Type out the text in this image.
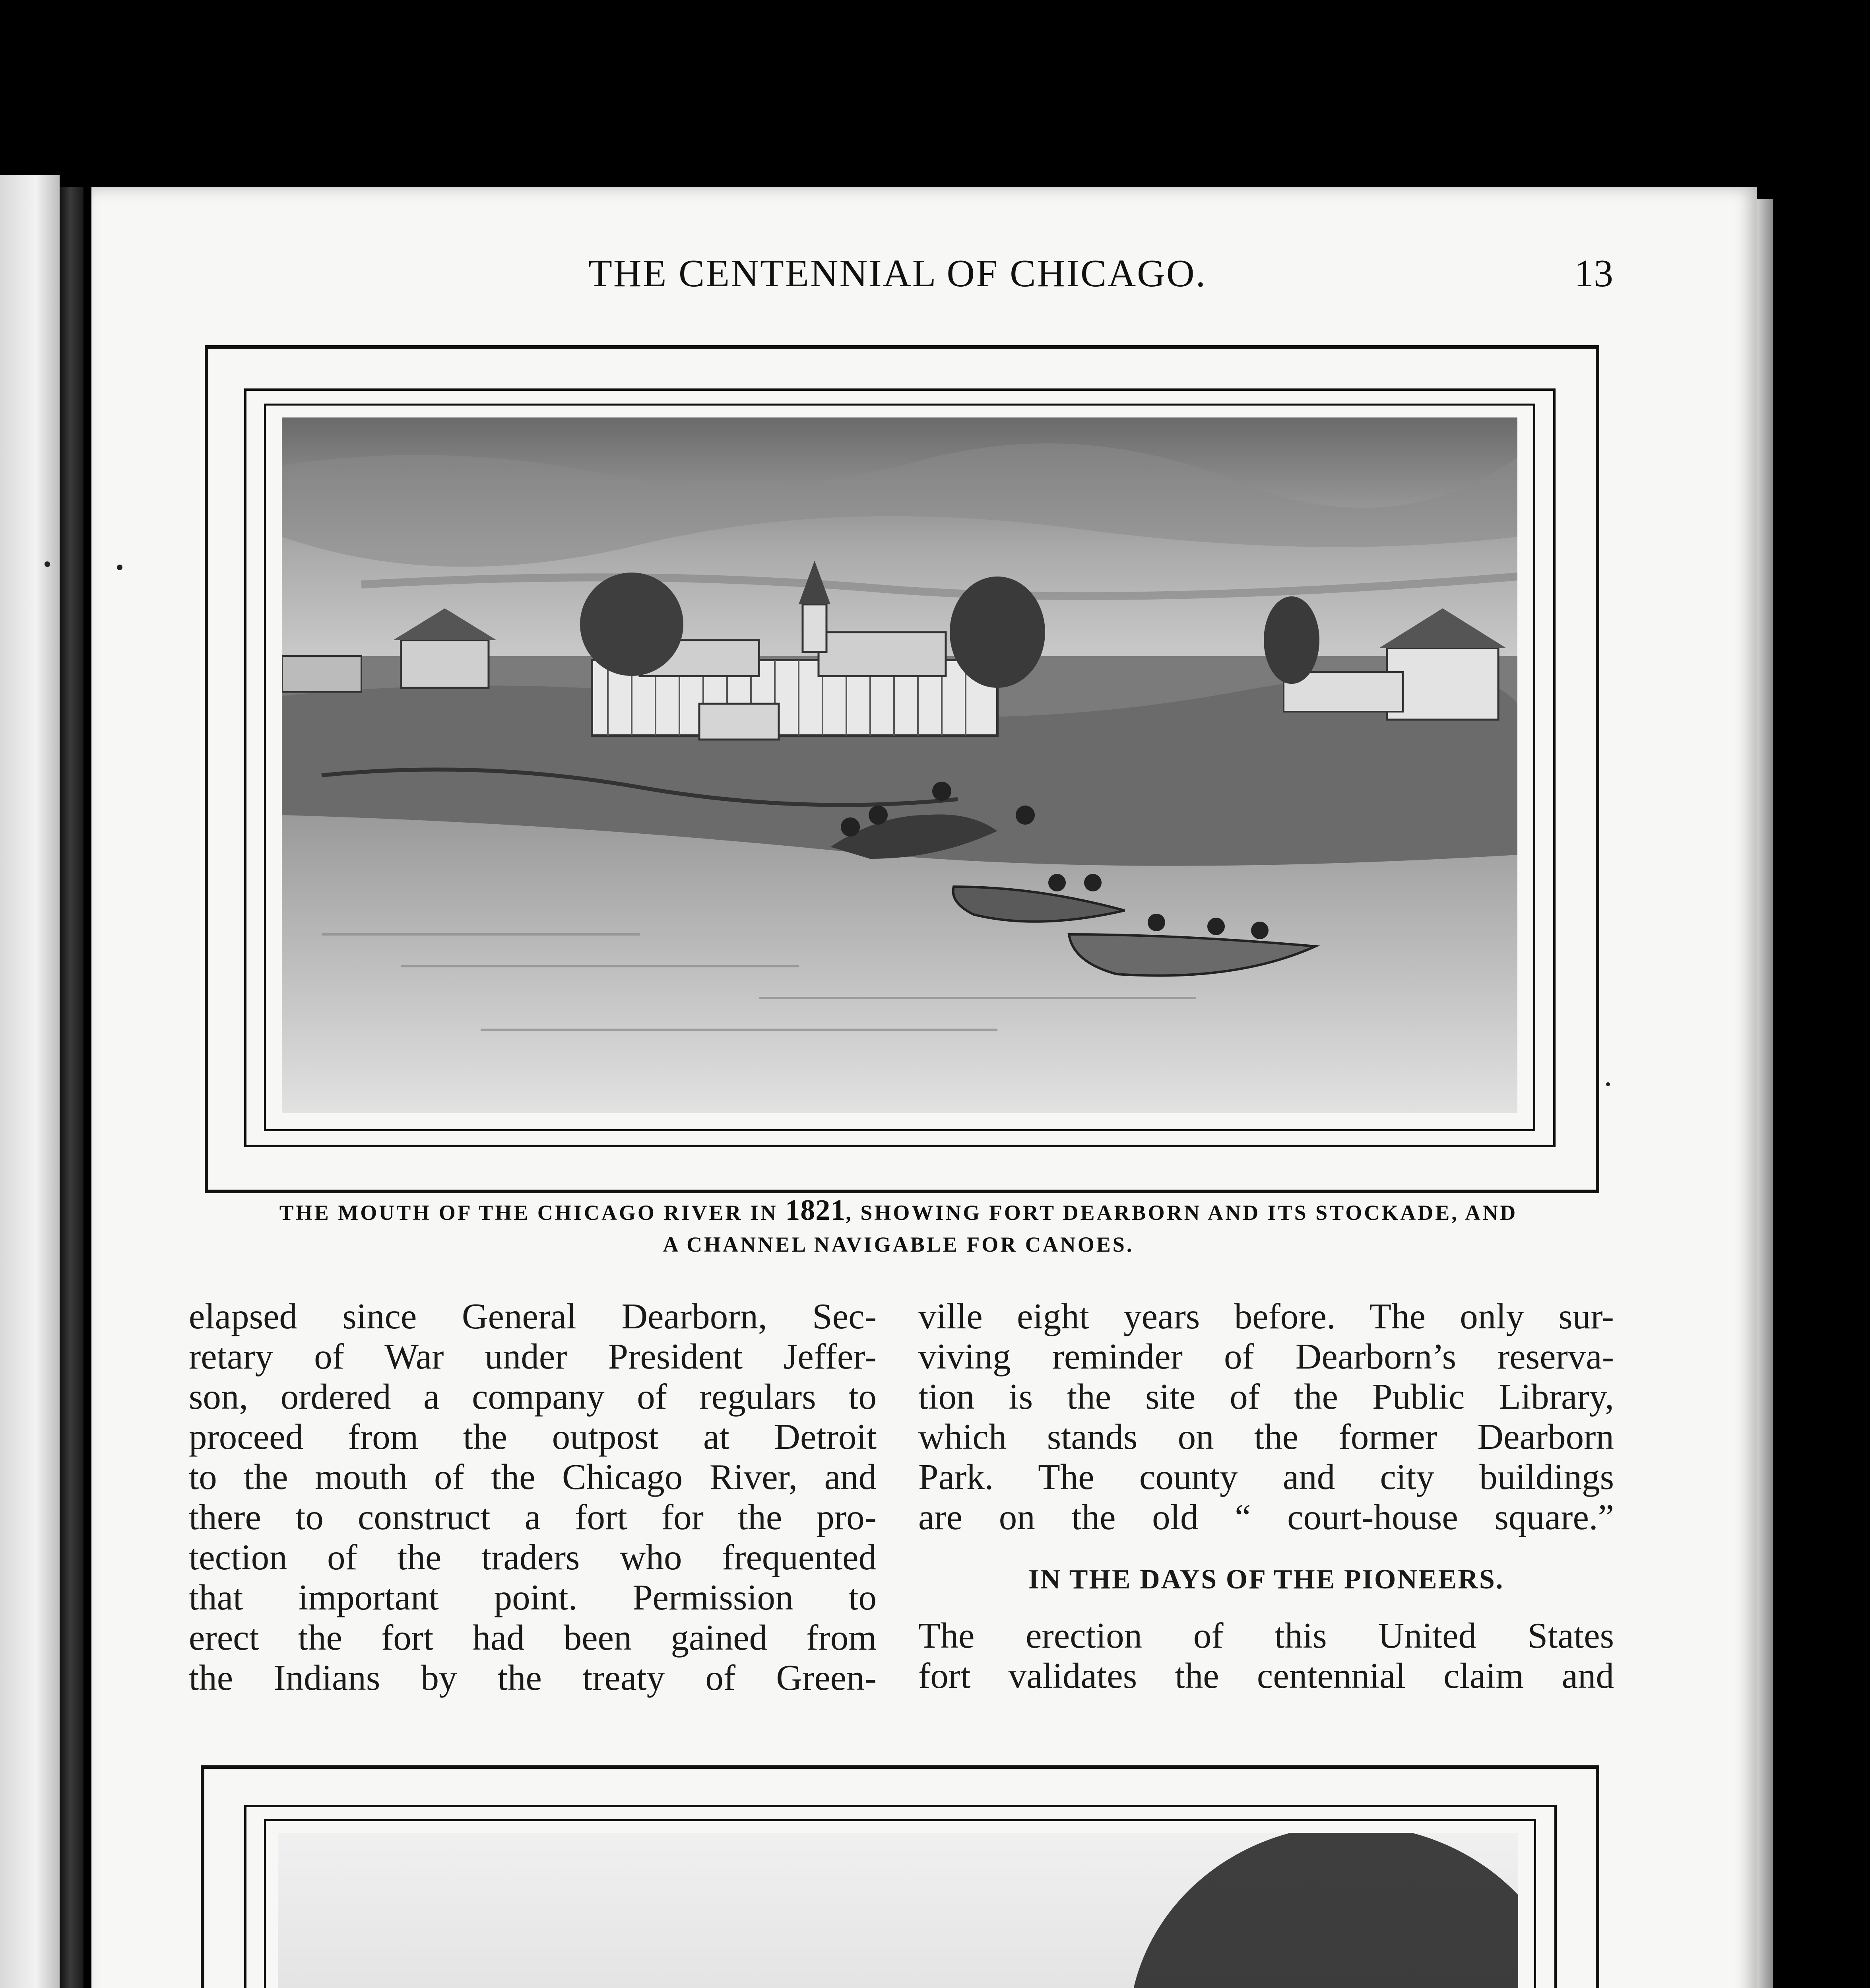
THE CENTENNIAL OF CHICAGO.	13
THE MOUTH OF THE CHICAGO RIVER IN 1821, SHOWING FORT DEARBORN AND ITS STOCKADE, AND
A CHANNEL NAVIGABLE FOR CANOES.
elapsed since General Dearborn, Sec-
retary of War under President Jeffer-
son, ordered a company of regulars to
proceed from the outpost at Detroit
to the mouth of the Chicago River, and
there to construct a fort for the pro-
tection of the traders who frequented
that important point. Permission to
erect the fort had been gained from
the Indians by the treaty of Green-
ville eight years before. The only sur-
viving reminder of Dearborn’s reserva-
tion is the site of the Public Library,
which stands on the former Dearborn
Park. The county and city buildings
are on the old “ court-house square.”
IN THE DAYS OF THE PIONEERS.
The erection of this United States
fort validates the centennial claim and
